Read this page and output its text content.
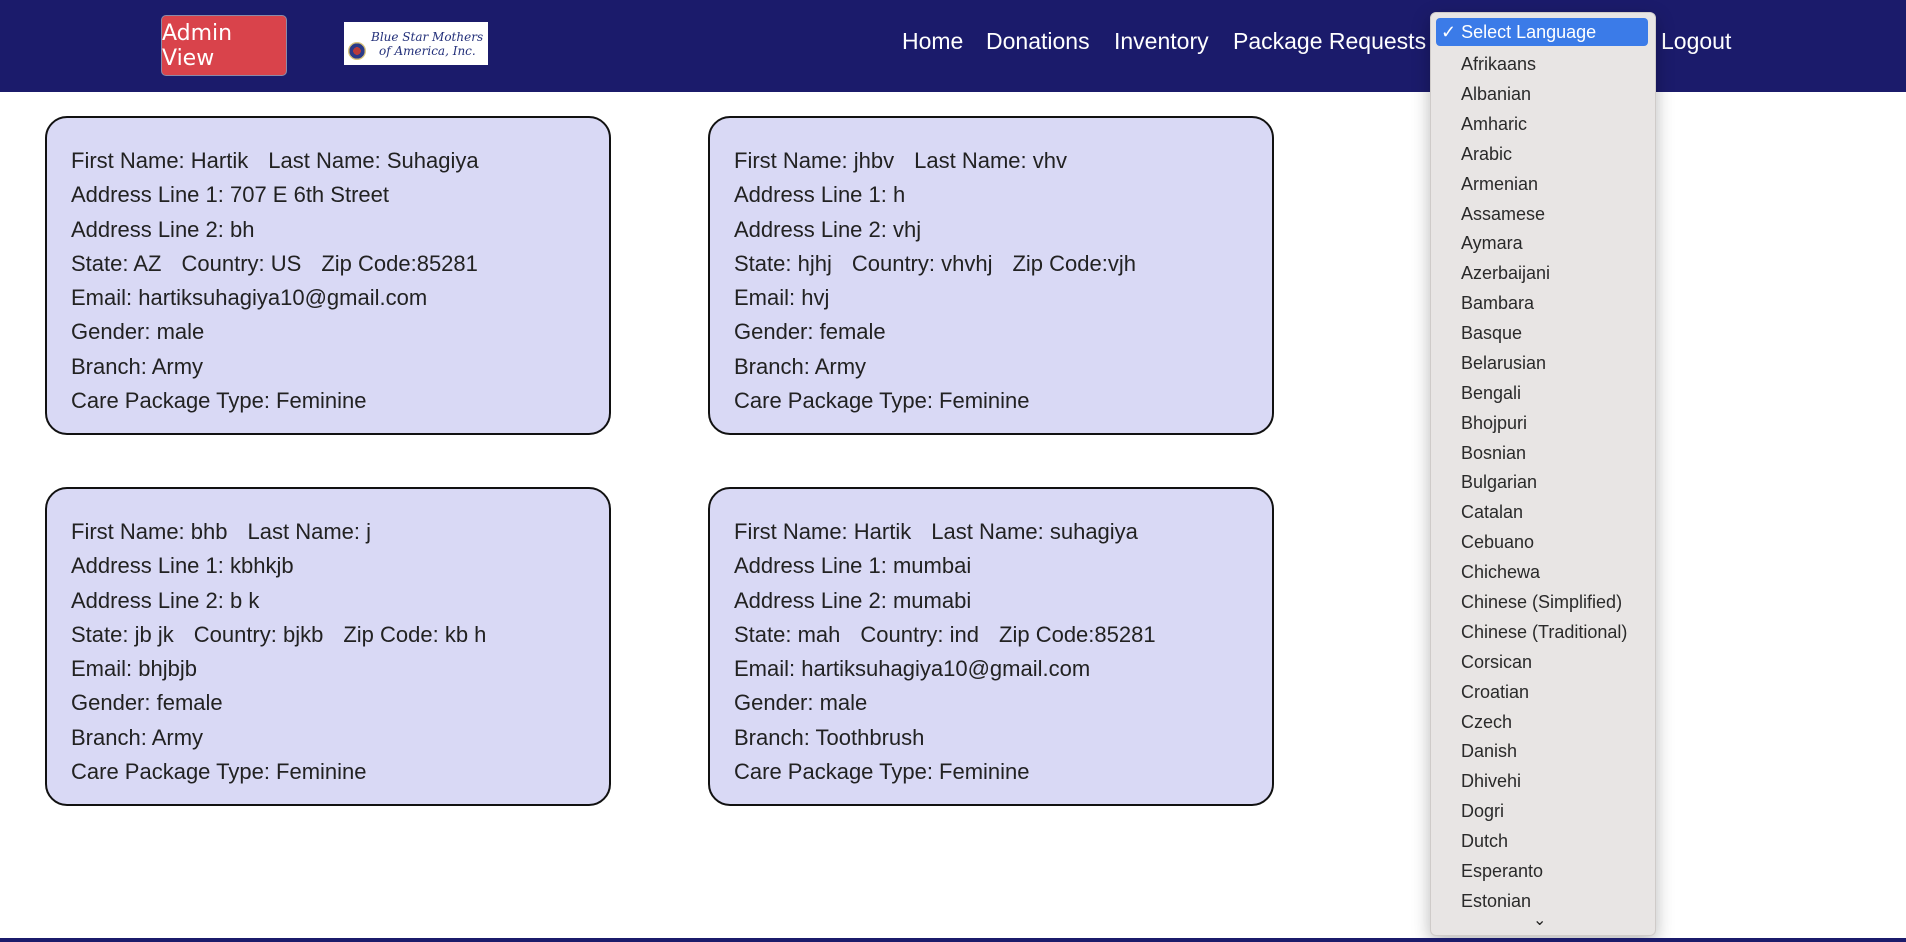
Admin View
Blue Star Mothers
of America, Inc.	Home Donations Inventory Package Requests	Logout
First Name: Hartik Last Name: Suhagiya
Address Line 1: 707 E 6th Street
Address Line 2: bh
State: AZ Country: US Zip Code:85281
Email: hartiksuhagiya10@gmail.com
Gender: male
Branch: Army
Care Package Type: Feminine
First Name: jhbv Last Name: vhv
Address Line 1: h
Address Line 2: vhj
State: hjhj Country: vhvhj Zip Code:vjh
Email: hvj
Gender: female
Branch: Army
Care Package Type: Feminine
First Name: bhb Last Name: j
Address Line 1: kbhkjb
Address Line 2: b k
State: jb jk Country: bjkb Zip Code: kb h
Email: bhjbjb
Gender: female
Branch: Army
Care Package Type: Feminine
First Name: Hartik Last Name: suhagiya
Address Line 1: mumbai
Address Line 2: mumabi
State: mah Country: ind Zip Code:85281
Email: hartiksuhagiya10@gmail.com
Gender: male
Branch: Toothbrush
Care Package Type: Feminine
✓ Select Language
Afrikaans
Albanian
Amharic
Arabic
Armenian
Assamese
Aymara
Azerbaijani
Bambara
Basque
Belarusian
Bengali
Bhojpuri
Bosnian
Bulgarian
Catalan
Cebuano
Chichewa
Chinese (Simplified)
Chinese (Traditional)
Corsican
Croatian
Czech
Danish
Dhivehi
Dogri
Dutch
Esperanto
Estonian
⌄
